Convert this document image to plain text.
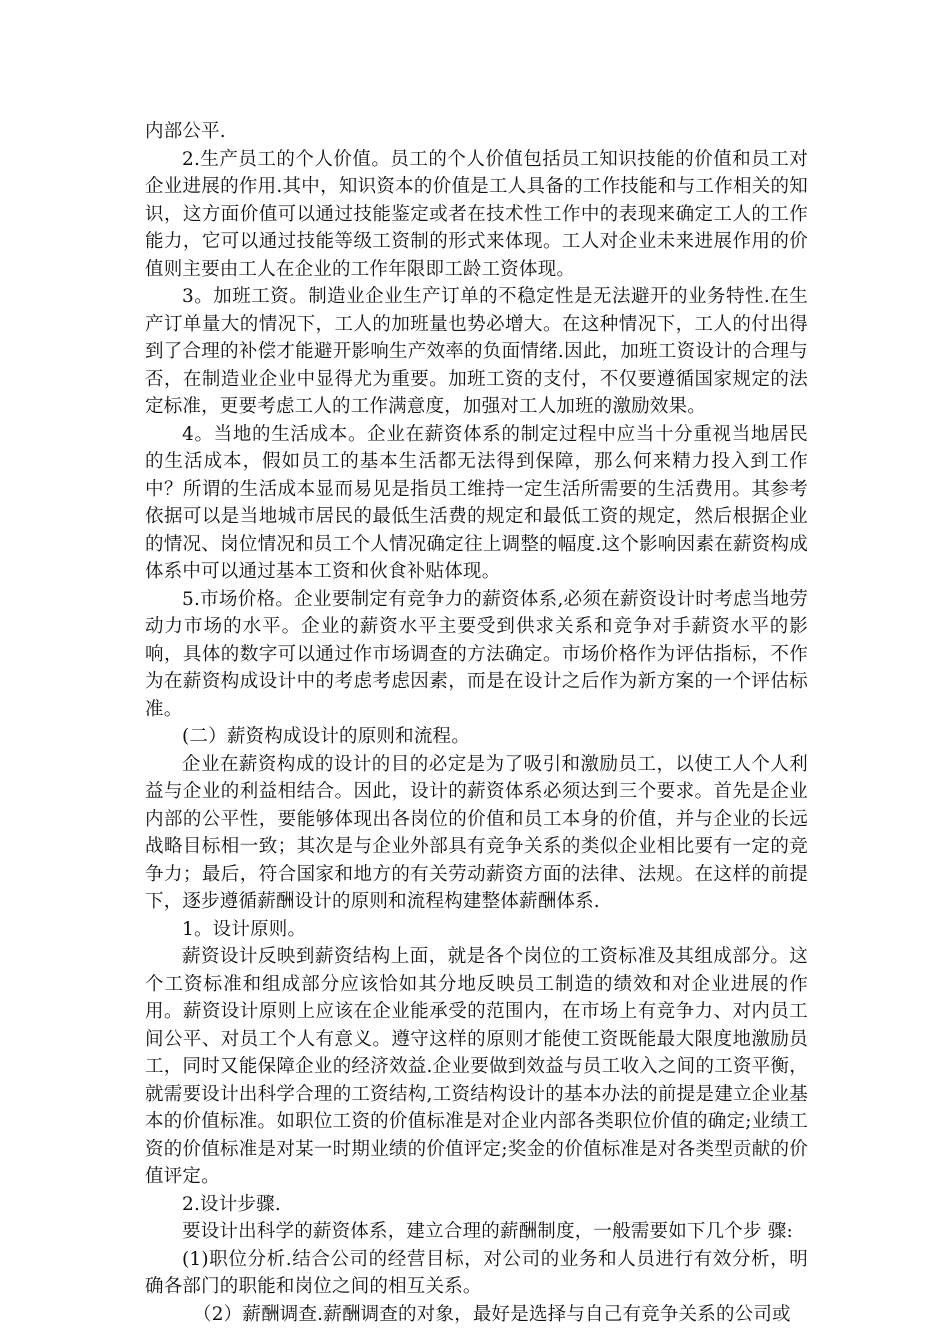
内部公平.

2.生产员工的个人价值。员工的个人价值包括员工知识技能的价值和员工对企业进展的作用.其中，知识资本的价值是工人具备的工作技能和与工作相关的知识，这方面价值可以通过技能鉴定或者在技术性工作中的表现来确定工人的工作能力，它可以通过技能等级工资制的形式来体现。工人对企业未来进展作用的价值则主要由工人在企业的工作年限即工龄工资体现。

3。加班工资。制造业企业生产订单的不稳定性是无法避开的业务特性.在生产订单量大的情况下，工人的加班量也势必增大。在这种情况下，工人的付出得到了合理的补偿才能避开影响生产效率的负面情绪.因此，加班工资设计的合理与否，在制造业企业中显得尤为重要。加班工资的支付，不仅要遵循国家规定的法定标准，更要考虑工人的工作满意度，加强对工人加班的激励效果。

4。当地的生活成本。企业在薪资体系的制定过程中应当十分重视当地居民的生活成本，假如员工的基本生活都无法得到保障，那么何来精力投入到工作中？所谓的生活成本显而易见是指员工维持一定生活所需要的生活费用。其参考依据可以是当地城市居民的最低生活费的规定和最低工资的规定，然后根据企业的情况、岗位情况和员工个人情况确定往上调整的幅度.这个影响因素在薪资构成体系中可以通过基本工资和伙食补贴体现。

5.市场价格。企业要制定有竞争力的薪资体系,必须在薪资设计时考虑当地劳动力市场的水平。企业的薪资水平主要受到供求关系和竞争对手薪资水平的影响，具体的数字可以通过作市场调查的方法确定。市场价格作为评估指标，不作为在薪资构成设计中的考虑考虑因素，而是在设计之后作为新方案的一个评估标准。

(二）薪资构成设计的原则和流程。

企业在薪资构成的设计的目的必定是为了吸引和激励员工，以使工人个人利益与企业的利益相结合。因此，设计的薪资体系必须达到三个要求。首先是企业内部的公平性，要能够体现出各岗位的价值和员工本身的价值，并与企业的长远战略目标相一致；其次是与企业外部具有竞争关系的类似企业相比要有一定的竞争力；最后，符合国家和地方的有关劳动薪资方面的法律、法规。在这样的前提下，逐步遵循薪酬设计的原则和流程构建整体薪酬体系.

1。设计原则。

薪资设计反映到薪资结构上面，就是各个岗位的工资标准及其组成部分。这个工资标准和组成部分应该恰如其分地反映员工制造的绩效和对企业进展的作用。薪资设计原则上应该在企业能承受的范围内，在市场上有竞争力、对内员工间公平、对员工个人有意义。遵守这样的原则才能使工资既能最大限度地激励员工，同时又能保障企业的经济效益.企业要做到效益与员工收入之间的工资平衡，就需要设计出科学合理的工资结构,工资结构设计的基本办法的前提是建立企业基本的价值标准。如职位工资的价值标准是对企业内部各类职位价值的确定;业绩工资的价值标准是对某一时期业绩的价值评定;奖金的价值标准是对各类型贡献的价值评定。

2.设计步骤.

要设计出科学的薪资体系，建立合理的薪酬制度，一般需要如下几个步 骤:

(1)职位分析.结合公司的经营目标，对公司的业务和人员进行有效分析，明确各部门的职能和岗位之间的相互关系。

（2）薪酬调查.薪酬调查的对象，最好是选择与自己有竞争关系的公司或
